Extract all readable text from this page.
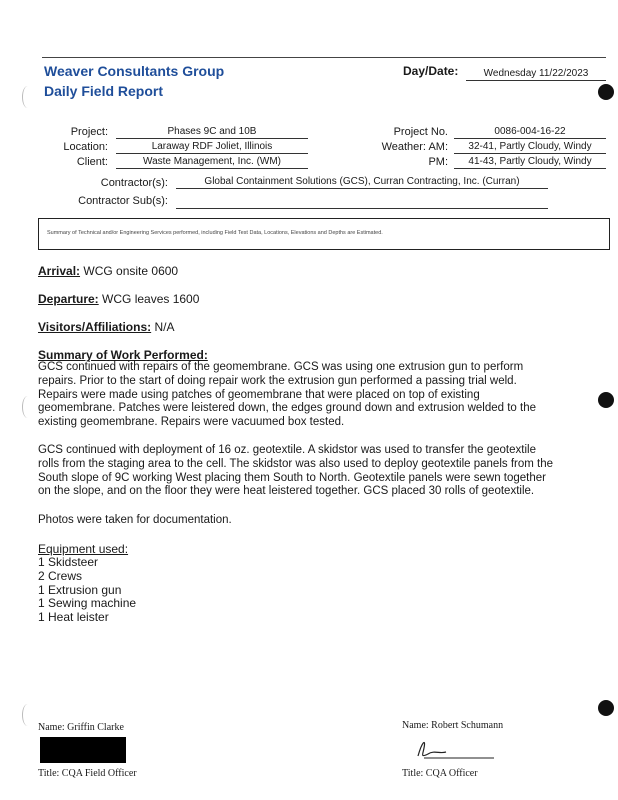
Weaver Consultants Group
Daily Field Report
Day/Date:	Wednesday 11/22/2023
Project:	Phases 9C and 10B
Location:	Laraway RDF Joliet, Illinois
Client:	Waste Management, Inc. (WM)
Project No.	0086-004-16-22
Weather: AM:	32-41, Partly Cloudy, Windy
PM:	41-43, Partly Cloudy, Windy
Contractor(s):	Global Containment Solutions (GCS), Curran Contracting, Inc. (Curran)
Contractor Sub(s):
Summary of Technical and/or Engineering Services performed, including Field Test Data, Locations, Elevations and Depths are Estimated.
Arrival: WCG onsite 0600
Departure: WCG leaves 1600
Visitors/Affiliations: N/A
Summary of Work Performed:
GCS continued with repairs of the geomembrane. GCS was using one extrusion gun to perform
repairs. Prior to the start of doing repair work the extrusion gun performed a passing trial weld.
Repairs were made using patches of geomembrane that were placed on top of existing
geomembrane. Patches were leistered down, the edges ground down and extrusion welded to the
existing geomembrane. Repairs were vacuumed box tested.
GCS continued with deployment of 16 oz. geotextile. A skidstor was used to transfer the geotextile
rolls from the staging area to the cell. The skidstor was also used to deploy geotextile panels from the
South slope of 9C working West placing them South to North. Geotextile panels were sewn together
on the slope, and on the floor they were heat leistered together. GCS placed 30 rolls of geotextile.
Photos were taken for documentation.
Equipment used:
1 Skidsteer
2 Crews
1 Extrusion gun
1 Sewing machine
1 Heat leister
Name: Griffin Clarke
Title: CQA Field Officer
Name: Robert Schumann
Title: CQA Officer
